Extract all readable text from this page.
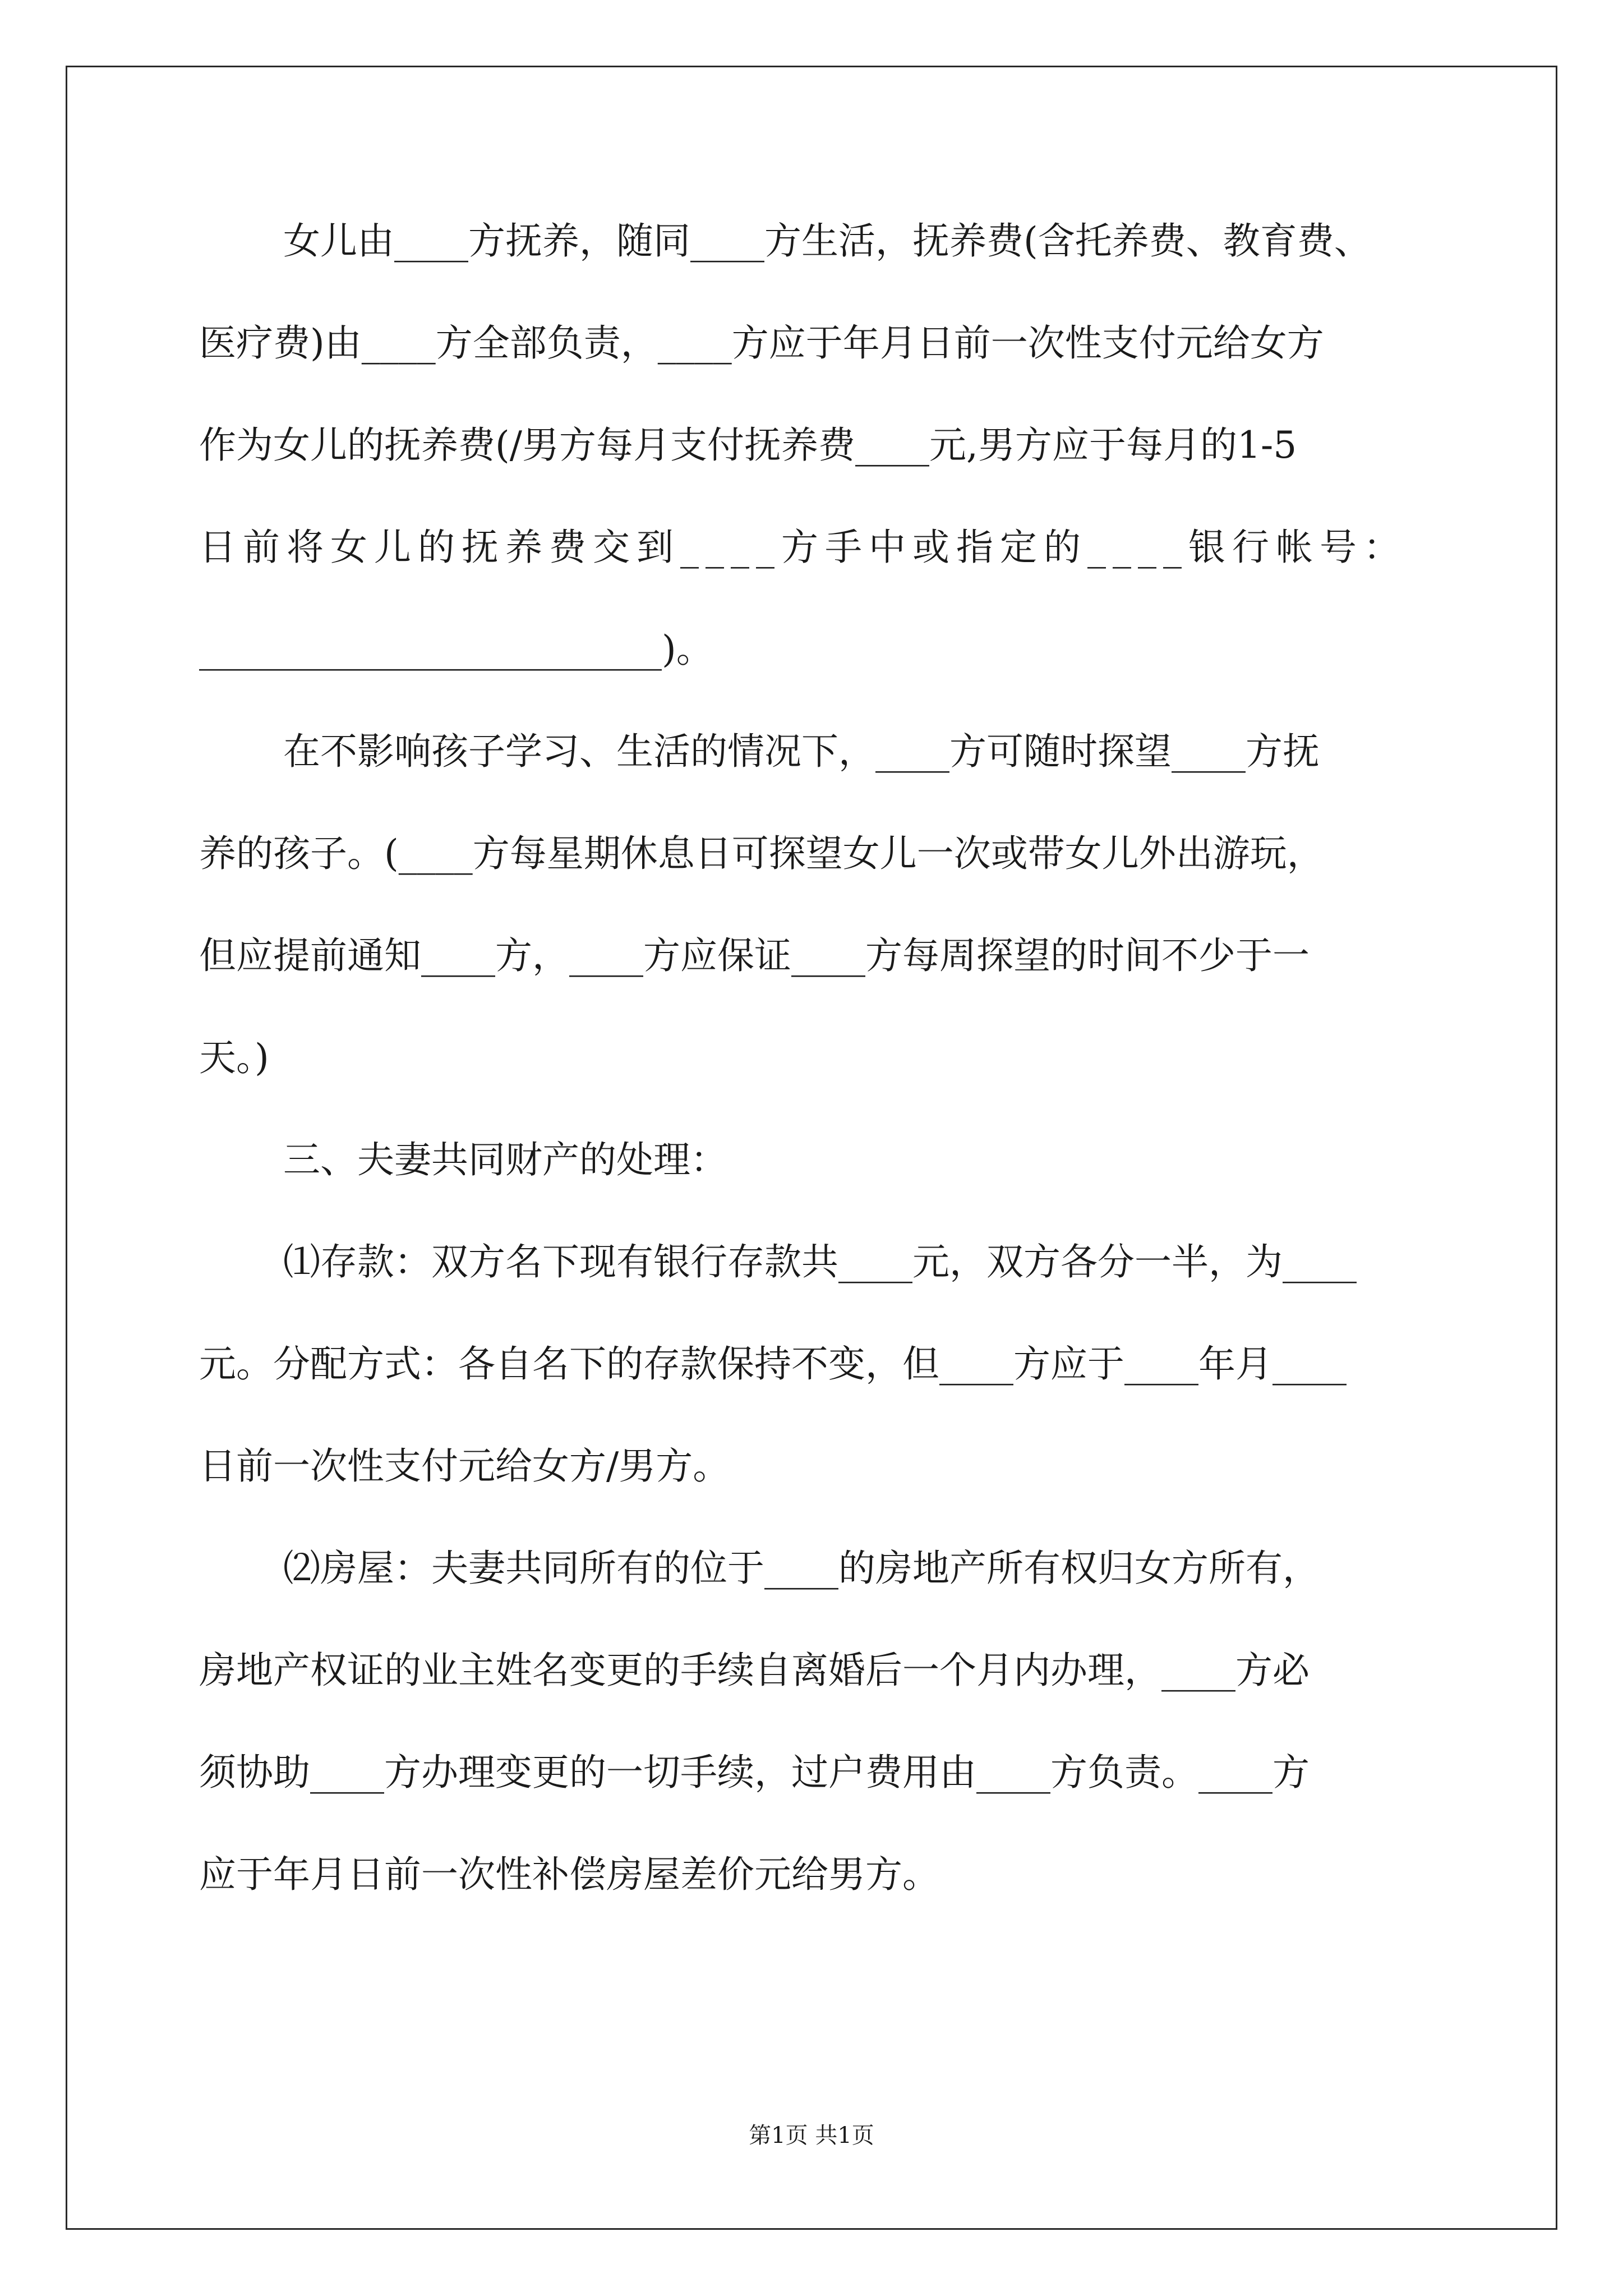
女儿由____方抚养，随同____方生活，抚养费(含托养费、教育费、
医疗费)由____方全部负责，____方应于年月日前一次性支付元给女方
作为女儿的抚养费(/男方每月支付抚养费____元,男方应于每月的1-5
日前将女儿的抚养费交到____方手中或指定的____银行帐号：
_________________________)。
在不影响孩子学习、生活的情况下，____方可随时探望____方抚
养的孩子。(____方每星期休息日可探望女儿一次或带女儿外出游玩，
但应提前通知____方，____方应保证____方每周探望的时间不少于一
天。)
三、夫妻共同财产的处理：
⑴存款：双方名下现有银行存款共____元，双方各分一半，为____
元。分配方式：各自名下的存款保持不变，但____方应于____年月____
日前一次性支付元给女方/男方。
⑵房屋：夫妻共同所有的位于____的房地产所有权归女方所有，
房地产权证的业主姓名变更的手续自离婚后一个月内办理，____方必
须协助____方办理变更的一切手续，过户费用由____方负责。____方
应于年月日前一次性补偿房屋差价元给男方。
第1页 共1页
